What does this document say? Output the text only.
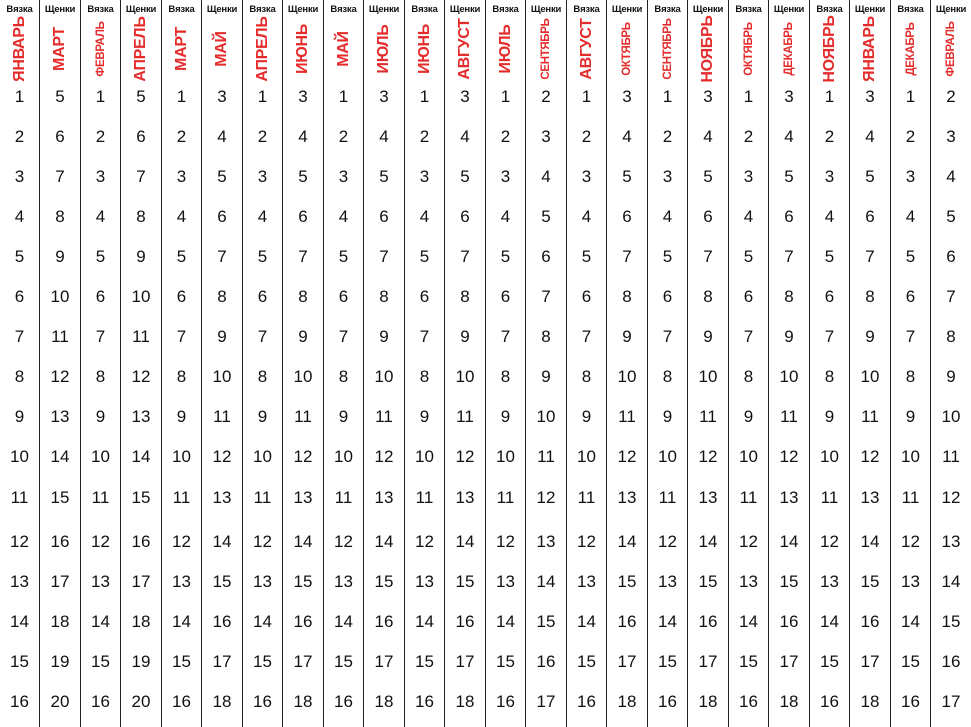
Вязка
ЯНВАРЬ
1
2
3
4
5
6
7
8
9
10
11
12
13
14
15
16
Щенки
МАРТ
5
6
7
8
9
10
11
12
13
14
15
16
17
18
19
20
Вязка
ФЕВРАЛЬ
1
2
3
4
5
6
7
8
9
10
11
12
13
14
15
16
Щенки
АПРЕЛЬ
5
6
7
8
9
10
11
12
13
14
15
16
17
18
19
20
Вязка
МАРТ
1
2
3
4
5
6
7
8
9
10
11
12
13
14
15
16
Щенки
МАЙ
3
4
5
6
7
8
9
10
11
12
13
14
15
16
17
18
Вязка
АПРЕЛЬ
1
2
3
4
5
6
7
8
9
10
11
12
13
14
15
16
Щенки
ИЮНЬ
3
4
5
6
7
8
9
10
11
12
13
14
15
16
17
18
Вязка
МАЙ
1
2
3
4
5
6
7
8
9
10
11
12
13
14
15
16
Щенки
ИЮЛЬ
3
4
5
6
7
8
9
10
11
12
13
14
15
16
17
18
Вязка
ИЮНЬ
1
2
3
4
5
6
7
8
9
10
11
12
13
14
15
16
Щенки
АВГУСТ
3
4
5
6
7
8
9
10
11
12
13
14
15
16
17
18
Вязка
ИЮЛЬ
1
2
3
4
5
6
7
8
9
10
11
12
13
14
15
16
Щенки
СЕНТЯБРЬ
2
3
4
5
6
7
8
9
10
11
12
13
14
15
16
17
Вязка
АВГУСТ
1
2
3
4
5
6
7
8
9
10
11
12
13
14
15
16
Щенки
ОКТЯБРЬ
3
4
5
6
7
8
9
10
11
12
13
14
15
16
17
18
Вязка
СЕНТЯБРЬ
1
2
3
4
5
6
7
8
9
10
11
12
13
14
15
16
Щенки
НОЯБРЬ
3
4
5
6
7
8
9
10
11
12
13
14
15
16
17
18
Вязка
ОКТЯБРЬ
1
2
3
4
5
6
7
8
9
10
11
12
13
14
15
16
Щенки
ДЕКАБРЬ
3
4
5
6
7
8
9
10
11
12
13
14
15
16
17
18
Вязка
НОЯБРЬ
1
2
3
4
5
6
7
8
9
10
11
12
13
14
15
16
Щенки
ЯНВАРЬ
3
4
5
6
7
8
9
10
11
12
13
14
15
16
17
18
Вязка
ДЕКАБРЬ
1
2
3
4
5
6
7
8
9
10
11
12
13
14
15
16
Щенки
ФЕВРАЛЬ
2
3
4
5
6
7
8
9
10
11
12
13
14
15
16
17
